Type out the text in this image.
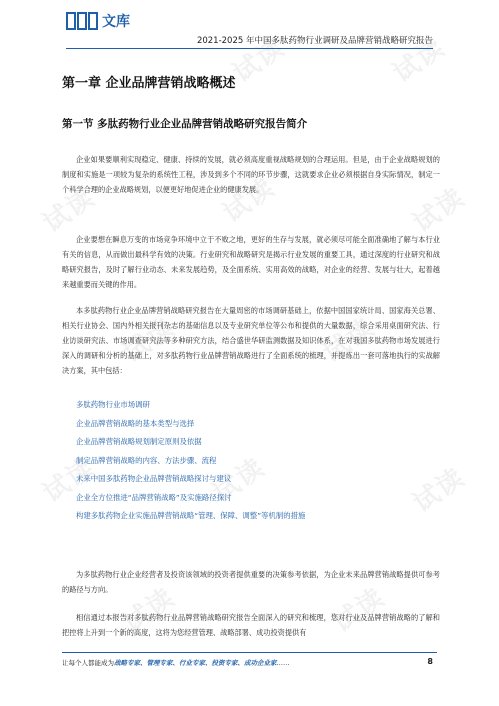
试读	试读
试读	试读	试读
试读	试读
试读	试读	试读
试读	试读
文库
2021-2025 年中国多肽药物行业调研及品牌营销战略研究报告
第一章 企业品牌营销战略概述
第一节 多肽药物行业企业品牌营销战略研究报告简介
企业如果要顺利实现稳定、健康、持续的发展，就必须高度重视战略规划的合理运用。但是，由于企业战略规划的制度和实施是一项较为复杂的系统性工程，涉及到多个不同的环节步骤，这就要求企业必须根据自身实际情况，制定一个科学合理的企业战略规划，以便更好地促进企业的健康发展。
企业要想在瞬息万变的市场竞争环境中立于不败之地，更好的生存与发展，就必须尽可能全面准确地了解与本行业有关的信息，从而做出最科学有效的决策。行业研究和战略研究是揭示行业发展的重要工具，通过深度的行业研究和战略研究报告，及时了解行业动态、未来发展趋势，及全面系统、实用高效的战略，对企业的经营、发展与壮大，起着越来越重要而关键的作用。
本多肽药物行业企业品牌营销战略研究报告在大量周密的市场调研基础上，依据中国国家统计局、国家海关总署、相关行业协会、国内外相关报刊杂志的基础信息以及专业研究单位等公布和提供的大量数据，综合采用桌面研究法、行业访谈研究法、市场调查研究法等多种研究方法，结合盛世华研监测数据及知识体系，在对我国多肽药物市场发展进行深入的调研和分析的基础上，对多肽药物行业品牌营销战略进行了全面系统的梳理，并提炼出一套可落地执行的实战解决方案，其中包括：
多肽药物行业市场调研
企业品牌营销战略的基本类型与选择
企业品牌营销战略规划制定原则及依据
制定品牌营销战略的内容、方法步骤、流程
未来中国多肽药物企业品牌营销战略探讨与建议
企业全方位推进“品牌营销战略”及实施路径探讨
构建多肽药物企业实施品牌营销战略“管理、保障、调整”等机制的措施
为多肽药物行业企业经营者及投资该领域的投资者提供重要的决策参考依据，为企业未来品牌营销战略提供可参考的路径与方向。
相信通过本报告对多肽药物行业品牌营销战略研究报告全面深入的研究和梳理，您对行业及品牌营销战略的了解和把控将上升到一个新的高度，这将为您经营管理、战略部署、成功投资提供有
让每个人都能成为战略专家、管理专家、行业专家、投资专家、成功企业家……	8
